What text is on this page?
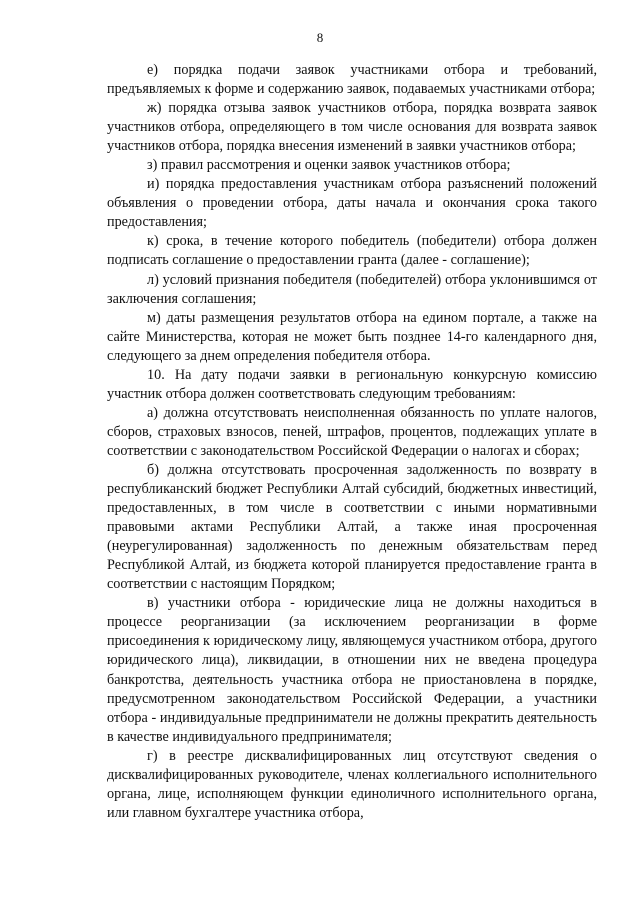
8

е) порядка подачи заявок участниками отбора и требований, предъявляемых к форме и содержанию заявок, подаваемых участниками отбора;

ж) порядка отзыва заявок участников отбора, порядка возврата заявок участников отбора, определяющего в том числе основания для возврата заявок участников отбора, порядка внесения изменений в заявки участников отбора;

з) правил рассмотрения и оценки заявок участников отбора;

и) порядка предоставления участникам отбора разъяснений положений объявления о проведении отбора, даты начала и окончания срока такого предоставления;

к) срока, в течение которого победитель (победители) отбора должен подписать соглашение о предоставлении гранта (далее - соглашение);

л) условий признания победителя (победителей) отбора уклонившимся от заключения соглашения;

м) даты размещения результатов отбора на едином портале, а также на сайте Министерства, которая не может быть позднее 14-го календарного дня, следующего за днем определения победителя отбора.

10. На дату подачи заявки в региональную конкурсную комиссию участник отбора должен соответствовать следующим требованиям:

а) должна отсутствовать неисполненная обязанность по уплате налогов, сборов, страховых взносов, пеней, штрафов, процентов, подлежащих уплате в соответствии с законодательством Российской Федерации о налогах и сборах;

б) должна отсутствовать просроченная задолженность по возврату в республиканский бюджет Республики Алтай субсидий, бюджетных инвестиций, предоставленных, в том числе в соответствии с иными нормативными правовыми актами Республики Алтай, а также иная просроченная (неурегулированная) задолженность по денежным обязательствам перед Республикой Алтай, из бюджета которой планируется предоставление гранта в соответствии с настоящим Порядком;

в) участники отбора - юридические лица не должны находиться в процессе реорганизации (за исключением реорганизации в форме присоединения к юридическому лицу, являющемуся участником отбора, другого юридического лица), ликвидации, в отношении них не введена процедура банкротства, деятельность участника отбора не приостановлена в порядке, предусмотренном законодательством Российской Федерации, а участники отбора - индивидуальные предприниматели не должны прекратить деятельность в качестве индивидуального предпринимателя;

г) в реестре дисквалифицированных лиц отсутствуют сведения о дисквалифицированных руководителе, членах коллегиального исполнительного органа, лице, исполняющем функции единоличного исполнительного органа, или главном бухгалтере участника отбора,
